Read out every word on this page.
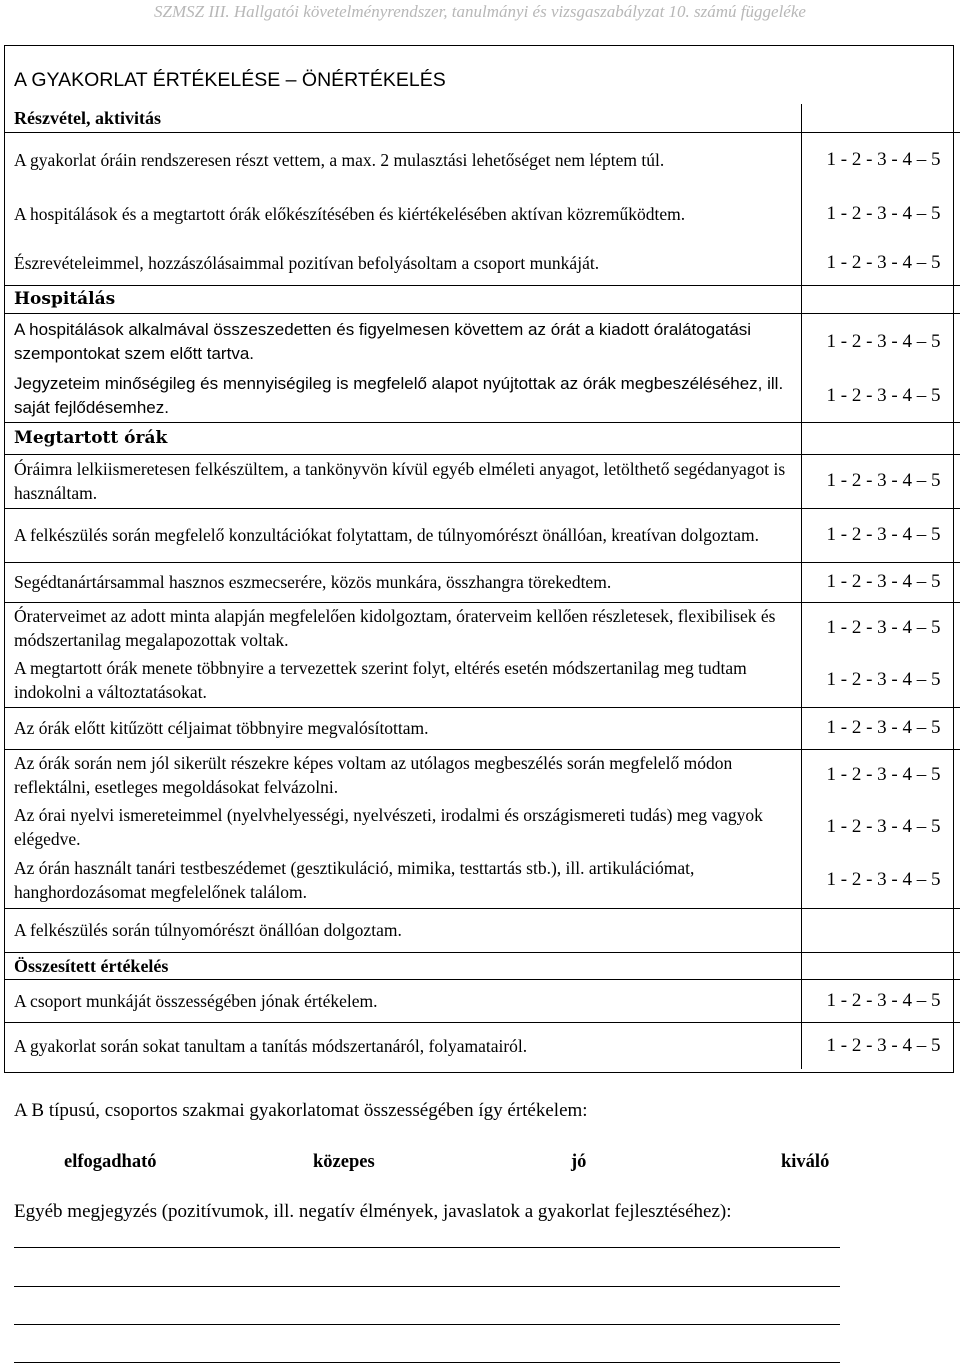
SZMSZ III. Hallgatói követelményrendszer, tanulmányi és vizsgaszabályzat 10. számú függeléke
A GYAKORLAT ÉRTÉKELÉSE – ÖNÉRTÉKELÉS
Részvétel, aktivitás	
A gyakorlat óráin rendszeresen részt vettem, a max. 2 mulasztási lehetőséget nem léptem túl.	1 - 2 - 3 - 4 – 5
A hospitálások és a megtartott órák előkészítésében és kiértékelésében aktívan közreműködtem.	1 - 2 - 3 - 4 – 5
Észrevételeimmel, hozzászólásaimmal pozitívan befolyásoltam a csoport munkáját.	1 - 2 - 3 - 4 – 5
Hospitálás	
A hospitálások alkalmával összeszedetten és figyelmesen követtem az órát a kiadott óralátogatási szempontokat szem előtt tartva.	1 - 2 - 3 - 4 – 5
Jegyzeteim minőségileg és mennyiségileg is megfelelő alapot nyújtottak az órák megbeszéléséhez, ill. saját fejlődésemhez.	1 - 2 - 3 - 4 – 5
Megtartott órák	
Óráimra lelkiismeretesen felkészültem, a tankönyvön kívül egyéb elméleti anyagot, letölthető segédanyagot is használtam.	1 - 2 - 3 - 4 – 5
A felkészülés során megfelelő konzultációkat folytattam, de túlnyomórészt önállóan, kreatívan dolgoztam.	1 - 2 - 3 - 4 – 5
Segédtanártársammal hasznos eszmecserére, közös munkára, összhangra törekedtem.	1 - 2 - 3 - 4 – 5
Óraterveimet az adott minta alapján megfelelően kidolgoztam, óraterveim kellően részletesek, flexibilisek és módszertanilag megalapozottak voltak.	1 - 2 - 3 - 4 – 5
A megtartott órák menete többnyire a tervezettek szerint folyt, eltérés esetén módszertanilag meg tudtam indokolni a változtatásokat.	1 - 2 - 3 - 4 – 5
Az órák előtt kitűzött céljaimat többnyire megvalósítottam.	1 - 2 - 3 - 4 – 5
Az órák során nem jól sikerült részekre képes voltam az utólagos megbeszélés során megfelelő módon reflektálni, esetleges megoldásokat felvázolni.	1 - 2 - 3 - 4 – 5
Az órai nyelvi ismereteimmel (nyelvhelyességi, nyelvészeti, irodalmi és országismereti tudás) meg vagyok elégedve.	1 - 2 - 3 - 4 – 5
Az órán használt tanári testbeszédemet (gesztikuláció, mimika, testtartás stb.), ill. artikulációmat, hanghordozásomat megfelelőnek találom.	1 - 2 - 3 - 4 – 5
A felkészülés során túlnyomórészt önállóan dolgoztam.	
Összesített értékelés	
A csoport munkáját összességében jónak értékelem.	1 - 2 - 3 - 4 – 5
A gyakorlat során sokat tanultam a tanítás módszertanáról, folyamatairól.	1 - 2 - 3 - 4 – 5
A B típusú, csoportos szakmai gyakorlatomat összességében így értékelem:
elfogadható	közepes	jó	kiváló
Egyéb megjegyzés (pozitívumok, ill. negatív élmények, javaslatok a gyakorlat fejlesztéséhez):
